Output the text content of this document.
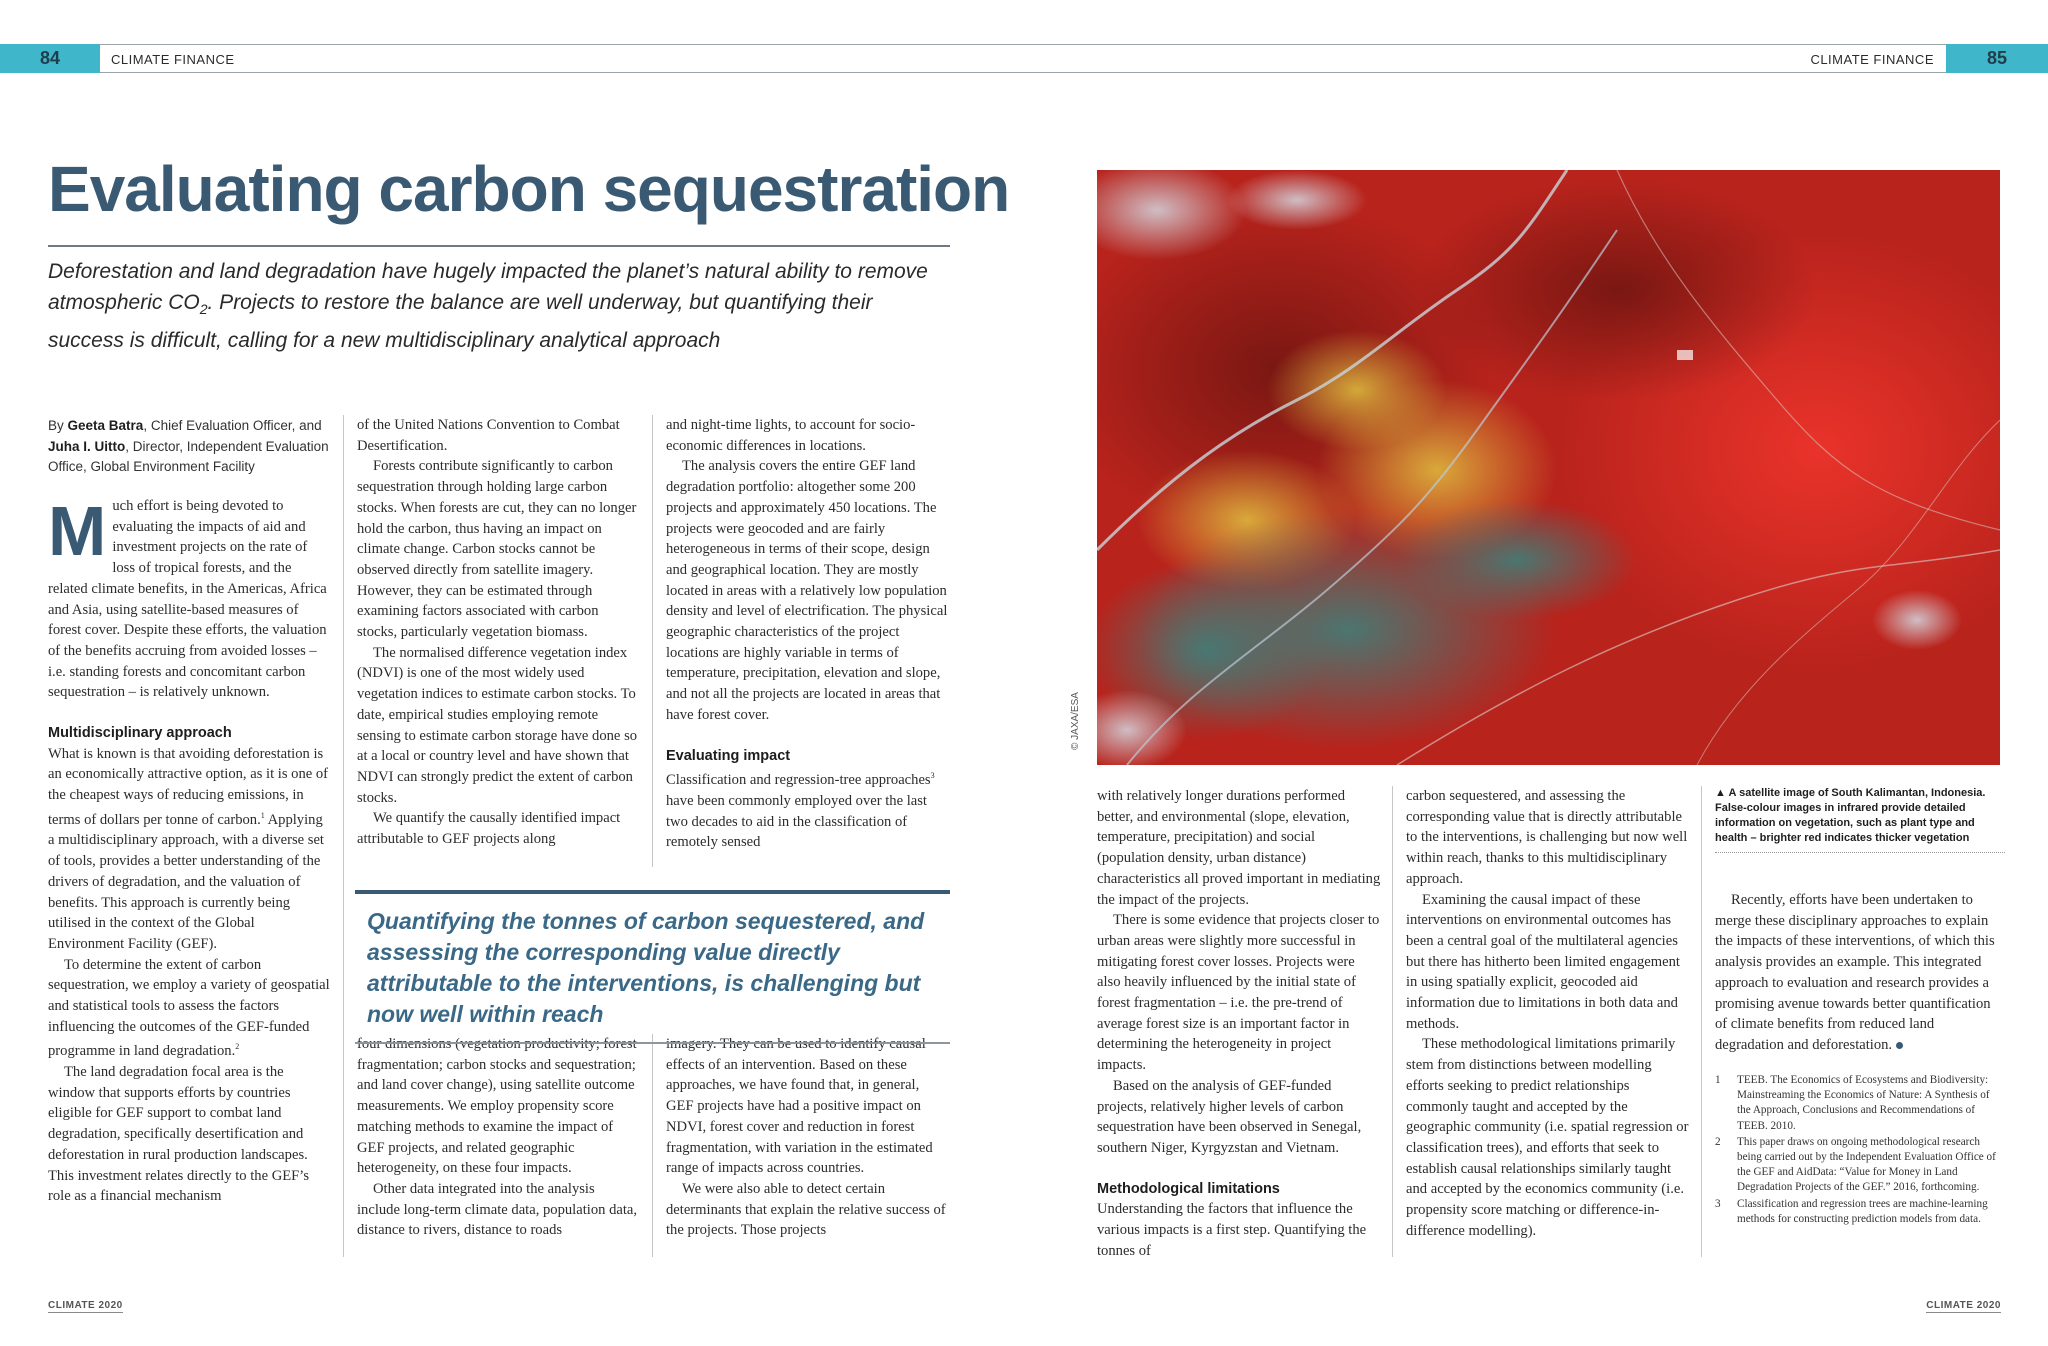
84	CLIMATE FINANCE	CLIMATE FINANCE	85
Evaluating carbon sequestration

Deforestation and land degradation have hugely impacted the planet’s natural ability to remove atmospheric $CO_2$. Projects to restore the balance are well underway, but quantifying their success is difficult, calling for a new multidisciplinary analytical approach

By Geeta Batra, Chief Evaluation Officer, and Juha I. Uitto, Director, Independent Evaluation Office, Global Environment Facility

Much effort is being devoted to evaluating the impacts of aid and investment projects on the rate of loss of tropical forests, and the related climate benefits, in the Americas, Africa and Asia, using satellite-based measures of forest cover. Despite these efforts, the valuation of the benefits accruing from avoided losses – i.e. standing forests and concomitant carbon sequestration – is relatively unknown.

Multidisciplinary approach

What is known is that avoiding deforestation is an economically attractive option, as it is one of the cheapest ways of reducing emissions, in terms of dollars per tonne of carbon.$^1$ Applying a multidisciplinary approach, with a diverse set of tools, provides a better understanding of the drivers of degradation, and the valuation of benefits. This approach is currently being utilised in the context of the Global Environment Facility (GEF).

To determine the extent of carbon sequestration, we employ a variety of geospatial and statistical tools to assess the factors influencing the outcomes of the GEF-funded programme in land degradation.$^2$

The land degradation focal area is the window that supports efforts by countries eligible for GEF support to combat land degradation, specifically desertification and deforestation in rural production landscapes. This investment relates directly to the GEF’s role as a financial mechanism

of the United Nations Convention to Combat Desertification.

Forests contribute significantly to carbon sequestration through holding large carbon stocks. When forests are cut, they can no longer hold the carbon, thus having an impact on climate change. Carbon stocks cannot be observed directly from satellite imagery. However, they can be estimated through examining factors associated with carbon stocks, particularly vegetation biomass.

The normalised difference vegetation index (NDVI) is one of the most widely used vegetation indices to estimate carbon stocks. To date, empirical studies employing remote sensing to estimate carbon storage have done so at a local or country level and have shown that NDVI can strongly predict the extent of carbon stocks.

We quantify the causally identified impact attributable to GEF projects along

four dimensions (vegetation productivity; forest fragmentation; carbon stocks and sequestration; and land cover change), using satellite outcome measurements. We employ propensity score matching methods to examine the impact of GEF projects, and related geographic heterogeneity, on these four impacts.

Other data integrated into the analysis include long-term climate data, population data, distance to rivers, distance to roads

and night-time lights, to account for socio-economic differences in locations.

The analysis covers the entire GEF land degradation portfolio: altogether some 200 projects and approximately 450 locations. The projects were geocoded and are fairly heterogeneous in terms of their scope, design and geographical location. They are mostly located in areas with a relatively low population density and level of electrification. The physical geographic characteristics of the project locations are highly variable in terms of temperature, precipitation, elevation and slope, and not all the projects are located in areas that have forest cover.

Evaluating impact

Classification and regression-tree approaches$^3$ have been commonly employed over the last two decades to aid in the classification of remotely sensed

imagery. They can be used to identify causal effects of an intervention. Based on these approaches, we have found that, in general, GEF projects have had a positive impact on NDVI, forest cover and reduction in forest fragmentation, with variation in the estimated range of impacts across countries.

We were also able to detect certain determinants that explain the relative success of the projects. Those projects

Quantifying the tonnes of carbon sequestered, and assessing the corresponding value directly attributable to the interventions, is challenging but now well within reach
© JAXA/ESA

with relatively longer durations performed better, and environmental (slope, elevation, temperature, precipitation) and social (population density, urban distance) characteristics all proved important in mediating the impact of the projects.

There is some evidence that projects closer to urban areas were slightly more successful in mitigating forest cover losses. Projects were also heavily influenced by the initial state of forest fragmentation – i.e. the pre-trend of average forest size is an important factor in determining the heterogeneity in project impacts.

Based on the analysis of GEF-funded projects, relatively higher levels of carbon sequestration have been observed in Senegal, southern Niger, Kyrgyzstan and Vietnam.

Methodological limitations

Understanding the factors that influence the various impacts is a first step. Quantifying the tonnes of

carbon sequestered, and assessing the corresponding value that is directly attributable to the interventions, is challenging but now well within reach, thanks to this multidisciplinary approach.

Examining the causal impact of these interventions on environmental outcomes has been a central goal of the multilateral agencies but there has hitherto been limited engagement in using spatially explicit, geocoded aid information due to limitations in both data and methods.

These methodological limitations primarily stem from distinctions between modelling efforts seeking to predict relationships commonly taught and accepted by the geographic community (i.e. spatial regression or classification trees), and efforts that seek to establish causal relationships similarly taught and accepted by the economics community (i.e. propensity score matching or difference-in-difference modelling).

▲ A satellite image of South Kalimantan, Indonesia. False-colour images in infrared provide detailed information on vegetation, such as plant type and health – brighter red indicates thicker vegetation

Recently, efforts have been undertaken to merge these disciplinary approaches to explain the impacts of these interventions, of which this analysis provides an example. This integrated approach to evaluation and research provides a promising avenue towards better quantification of climate benefits from reduced land degradation and deforestation.

1	TEEB. The Economics of Ecosystems and Biodiversity: Mainstreaming the Economics of Nature: A Synthesis of the Approach, Conclusions and Recommendations of TEEB. 2010.
2	This paper draws on ongoing methodological research being carried out by the Independent Evaluation Office of the GEF and AidData: “Value for Money in Land Degradation Projects of the GEF.” 2016, forthcoming.
3	Classification and regression trees are machine-learning methods for constructing prediction models from data.
CLIMATE 2020	CLIMATE 2020
